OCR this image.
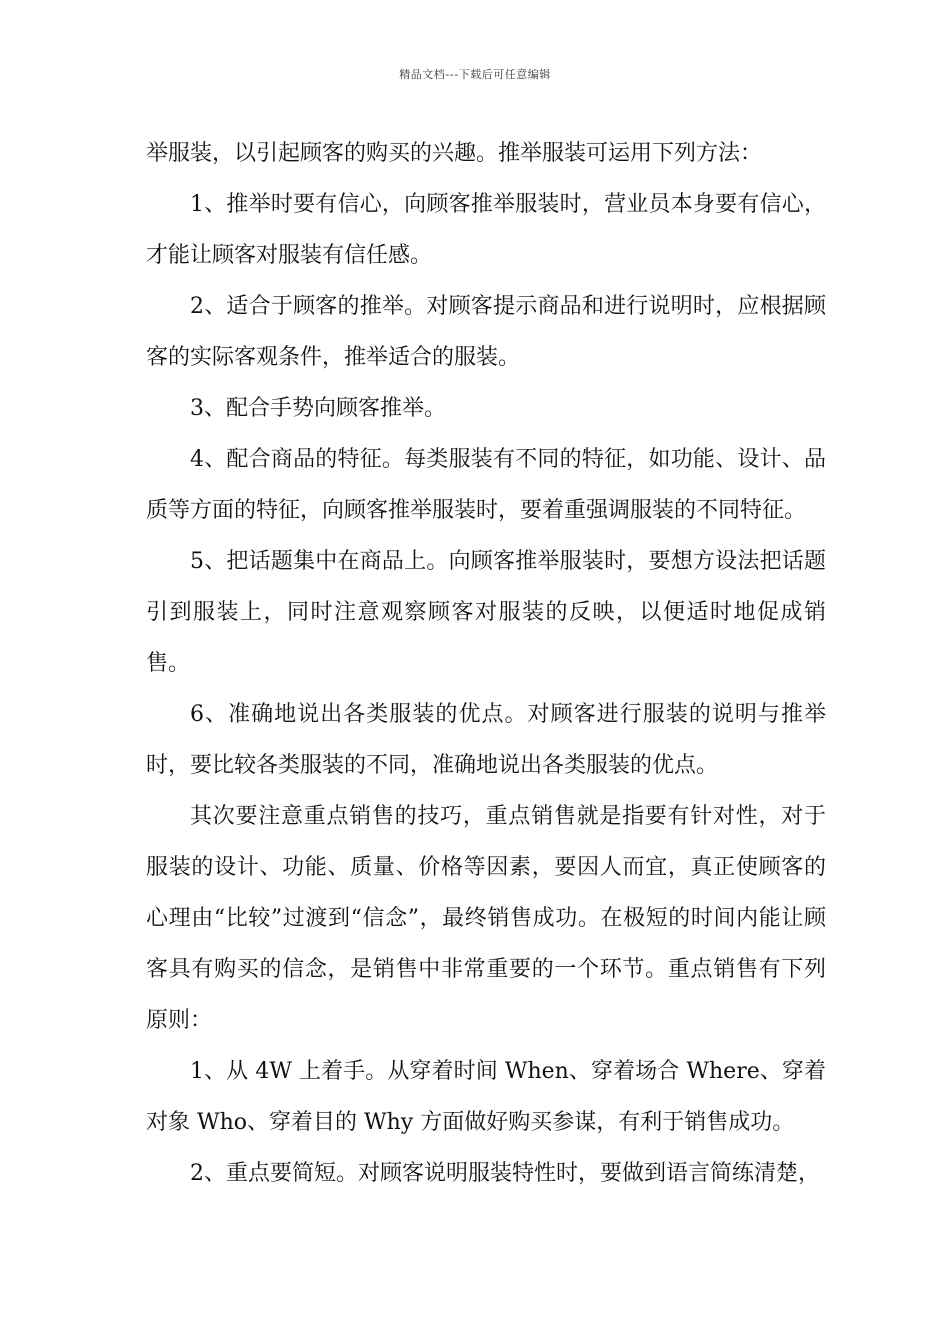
精品文档---下载后可任意编辑

举服装，以引起顾客的购买的兴趣。推举服装可运用下列方法：

1、推举时要有信心，向顾客推举服装时，营业员本身要有信心，才能让顾客对服装有信任感。

2、适合于顾客的推举。对顾客提示商品和进行说明时，应根据顾客的实际客观条件，推举适合的服装。

3、配合手势向顾客推举。

4、配合商品的特征。每类服装有不同的特征，如功能、设计、品质等方面的特征，向顾客推举服装时，要着重强调服装的不同特征。

5、把话题集中在商品上。向顾客推举服装时，要想方设法把话题引到服装上，同时注意观察顾客对服装的反映，以便适时地促成销售。

6、准确地说出各类服装的优点。对顾客进行服装的说明与推举时，要比较各类服装的不同，准确地说出各类服装的优点。

其次要注意重点销售的技巧，重点销售就是指要有针对性，对于服装的设计、功能、质量、价格等因素，要因人而宜，真正使顾客的心理由“比较”过渡到“信念”，最终销售成功。在极短的时间内能让顾客具有购买的信念，是销售中非常重要的一个环节。重点销售有下列原则：

1、从 4W 上着手。从穿着时间 When、穿着场合 Where、穿着对象 Who、穿着目的 Why 方面做好购买参谋，有利于销售成功。

2、重点要简短。对顾客说明服装特性时，要做到语言简练清楚，
